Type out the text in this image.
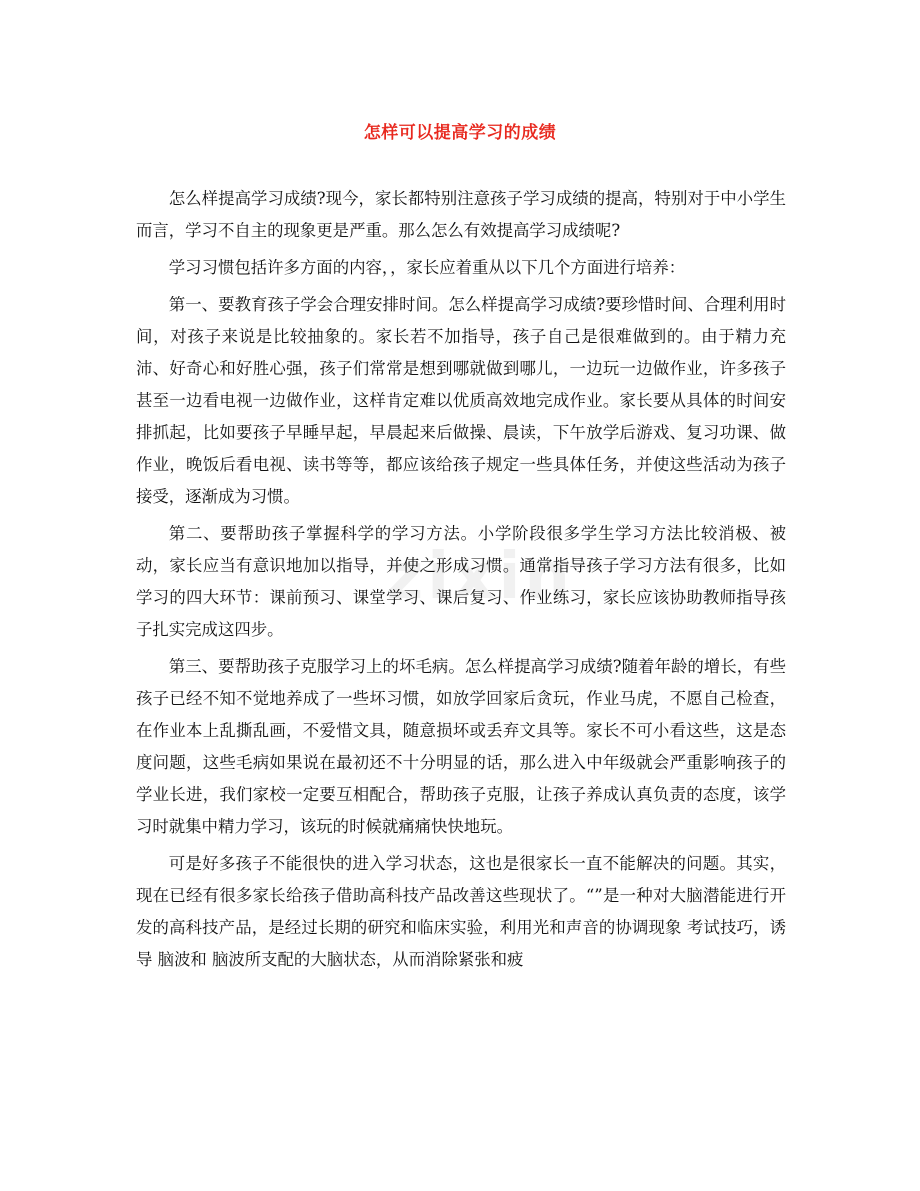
怎样可以提高学习的成绩
zixin

怎么样提高学习成绩?现今，家长都特别注意孩子学习成绩的提高，特别对于中小学生而言，学习不自主的现象更是严重。那么怎么有效提高学习成绩呢?

学习习惯包括许多方面的内容，，家长应着重从以下几个方面进行培养：

第一、要教育孩子学会合理安排时间。怎么样提高学习成绩?要珍惜时间、合理利用时间，对孩子来说是比较抽象的。家长若不加指导，孩子自己是很难做到的。由于精力充沛、好奇心和好胜心强，孩子们常常是想到哪就做到哪儿，一边玩一边做作业，许多孩子甚至一边看电视一边做作业，这样肯定难以优质高效地完成作业。家长要从具体的时间安排抓起，比如要孩子早睡早起，早晨起来后做操、晨读，下午放学后游戏、复习功课、做作业，晚饭后看电视、读书等等，都应该给孩子规定一些具体任务，并使这些活动为孩子接受，逐渐成为习惯。

第二、要帮助孩子掌握科学的学习方法。小学阶段很多学生学习方法比较消极、被动，家长应当有意识地加以指导，并使之形成习惯。通常指导孩子学习方法有很多，比如学习的四大环节：课前预习、课堂学习、课后复习、作业练习，家长应该协助教师指导孩子扎实完成这四步。

第三、要帮助孩子克服学习上的坏毛病。怎么样提高学习成绩?随着年龄的增长，有些孩子已经不知不觉地养成了一些坏习惯，如放学回家后贪玩，作业马虎，不愿自己检查，在作业本上乱撕乱画，不爱惜文具，随意损坏或丢弃文具等。家长不可小看这些，这是态度问题，这些毛病如果说在最初还不十分明显的话，那么进入中年级就会严重影响孩子的学业长进，我们家校一定要互相配合，帮助孩子克服，让孩子养成认真负责的态度，该学习时就集中精力学习，该玩的时候就痛痛快快地玩。

可是好多孩子不能很快的进入学习状态，这也是很家长一直不能解决的问题。其实，现在已经有很多家长给孩子借助高科技产品改善这些现状了。“”是一种对大脑潜能进行开发的高科技产品，是经过长期的研究和临床实验，利用光和声音的协调现象 考试技巧，诱导 脑波和 脑波所支配的大脑状态，从而消除紧张和疲
